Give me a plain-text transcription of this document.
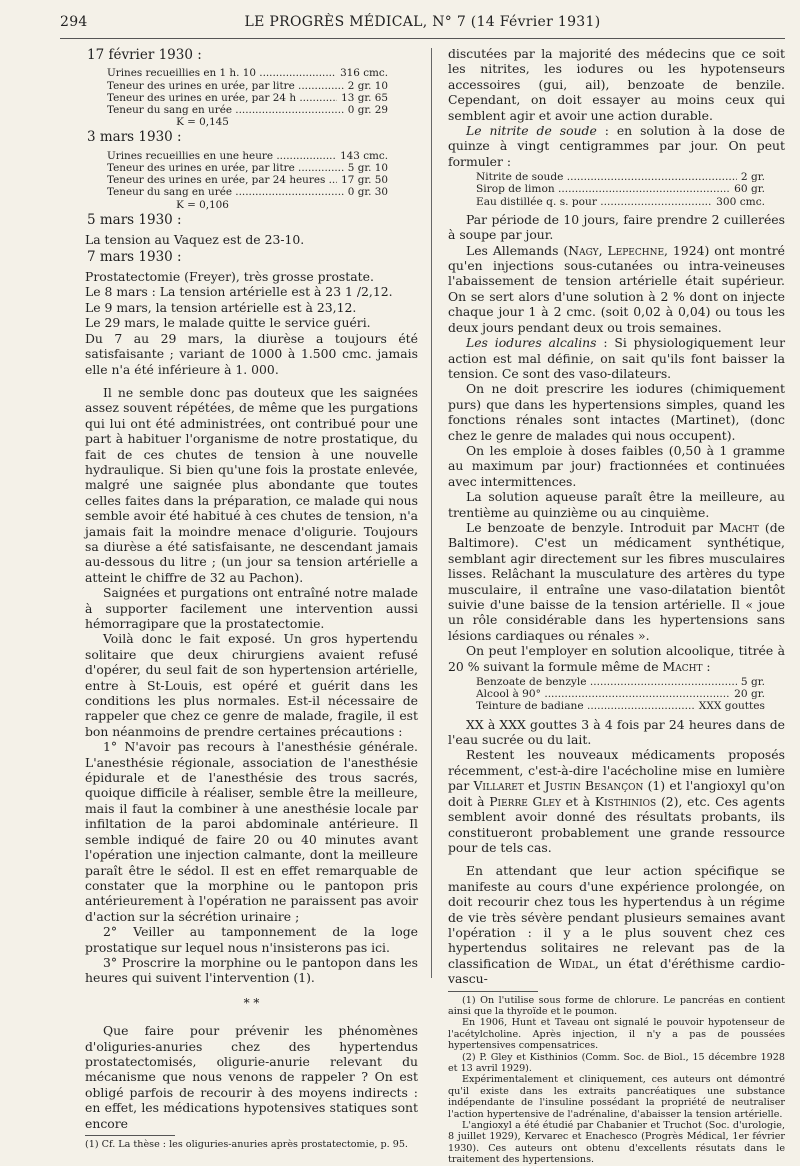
294	LE PROGRÈS MÉDICAL, N° 7 (14 Février 1931)

17 février 1930 :

Urines recueillies en 1 h. 10 .....	316 cmc.
Teneur des urines en urée, par litre .....	2 gr. 10
Teneur des urines en urée, par 24 h .....	13 gr. 65
Teneur du sang en urée .....	0 gr. 29
K = 0,145

3 mars 1930 :

Urines recueillies en une heure .....	143 cmc.
Teneur des urines en urée, par litre .....	5 gr. 10
Teneur des urines en urée, par 24 heures .....	17 gr. 50
Teneur du sang en urée .....	0 gr. 30
K = 0,106

5 mars 1930 :

La tension au Vaquez est de 23-10.

7 mars 1930 :

Prostatectomie (Freyer), très grosse prostate.

Le 8 mars : La tension artérielle est à 23 1 /2,12.

Le 9 mars, la tension artérielle est à 23,12.

Le 29 mars, le malade quitte le service guéri.

Du 7 au 29 mars, la diurèse a toujours été satisfaisante ; variant de 1000 à 1.500 cmc. jamais elle n'a été inférieure à 1. 000.

Il ne semble donc pas douteux que les saignées assez souvent répétées, de même que les purgations qui lui ont été administrées, ont contribué pour une part à habituer l'organisme de notre prostatique, du fait de ces chutes de tension à une nouvelle hydraulique. Si bien qu'une fois la prostate enlevée, malgré une saignée plus abondante que toutes celles faites dans la préparation, ce malade qui nous semble avoir été habitué à ces chutes de tension, n'a jamais fait la moindre menace d'oligurie. Toujours sa diurèse a été satisfaisante, ne descendant jamais au-dessous du litre ; (un jour sa tension artérielle a atteint le chiffre de 32 au Pachon).

Saignées et purgations ont entraîné notre malade à supporter facilement une intervention aussi hémorragipare que la prostatectomie.

Voilà donc le fait exposé. Un gros hypertendu solitaire que deux chirurgiens avaient refusé d'opérer, du seul fait de son hypertension artérielle, entre à St-Louis, est opéré et guérit dans les conditions les plus normales. Est-il nécessaire de rappeler que chez ce genre de malade, fragile, il est bon néanmoins de prendre certaines précautions :

1° N'avoir pas recours à l'anesthésie générale. L'anesthésie régionale, association de l'anesthésie épidurale et de l'anesthésie des trous sacrés, quoique difficile à réaliser, semble être la meilleure, mais il faut la combiner à une anesthésie locale par infiltation de la paroi abdominale antérieure. Il semble indiqué de faire 20 ou 40 minutes avant l'opération une injection calmante, dont la meilleure paraît être le sédol. Il est en effet remarquable de constater que la morphine ou le pantopon pris antérieurement à l'opération ne paraissent pas avoir d'action sur la sécrétion urinaire ;

2° Veiller au tamponnement de la loge prostatique sur lequel nous n'insisterons pas ici.

3° Proscrire la morphine ou le pantopon dans les heures qui suivent l'intervention (1).

* *

Que faire pour prévenir les phénomènes d'oliguries-anuries chez des hypertendus prostatectomisés, oligurie-anurie relevant du mécanisme que nous venons de rappeler ? On est obligé parfois de recourir à des moyens indirects : en effet, les médications hypotensives statiques sont encore

(1) Cf. La thèse : les oliguries-anuries après prostatectomie, p. 95.

discutées par la majorité des médecins que ce soit les nitrites, les iodures ou les hypotenseurs accessoires (gui, ail), benzoate de benzile. Cependant, on doit essayer au moins ceux qui semblent agir et avoir une action durable.

Le nitrite de soude : en solution à la dose de quinze à vingt centigrammes par jour. On peut formuler :

Nitrite de soude .....	2 gr.
Sirop de limon .....	60 gr.
Eau distillée q. s. pour .....	300 cmc.

Par période de 10 jours, faire prendre 2 cuillerées à soupe par jour.

Les Allemands (Nagy, Lepechne, 1924) ont montré qu'en injections sous-cutanées ou intra-veineuses l'abaissement de tension artérielle était supérieur. On se sert alors d'une solution à 2 % dont on injecte chaque jour 1 à 2 cmc. (soit 0,02 à 0,04) ou tous les deux jours pendant deux ou trois semaines.

Les iodures alcalins : Si physiologiquement leur action est mal définie, on sait qu'ils font baisser la tension. Ce sont des vaso-dilateurs.

On ne doit prescrire les iodures (chimiquement purs) que dans les hypertensions simples, quand les fonctions rénales sont intactes (Martinet), (donc chez le genre de malades qui nous occupent).

On les emploie à doses faibles (0,50 à 1 gramme au maximum par jour) fractionnées et continuées avec intermittences.

La solution aqueuse paraît être la meilleure, au trentième au quinzième ou au cinquième.

Le benzoate de benzyle. Introduit par Macht (de Baltimore). C'est un médicament synthétique, semblant agir directement sur les fibres musculaires lisses. Relâchant la musculature des artères du type musculaire, il entraîne une vaso-dilatation bientôt suivie d'une baisse de la tension artérielle. Il « joue un rôle considérable dans les hypertensions sans lésions cardiaques ou rénales ».

On peut l'employer en solution alcoolique, titrée à 20 % suivant la formule même de Macht :

Benzoate de benzyle .....	5 gr.
Alcool à 90° .....	20 gr.
Teinture de badiane .....	XXX gouttes

XX à XXX gouttes 3 à 4 fois par 24 heures dans de l'eau sucrée ou du lait.

Restent les nouveaux médicaments proposés récemment, c'est-à-dire l'acécholine mise en lumière par Villaret et Justin Besançon (1) et l'angioxyl qu'on doit à Pierre Gley et à Kisthinios (2), etc. Ces agents semblent avoir donné des résultats probants, ils constitueront probablement une grande ressource pour de tels cas.

En attendant que leur action spécifique se manifeste au cours d'une expérience prolongée, on doit recourir chez tous les hypertendus à un régime de vie très sévère pendant plusieurs semaines avant l'opération : il y a le plus souvent chez ces hypertendus solitaires ne relevant pas de la classification de Widal, un état d'éréthisme cardio-vascu-

(1) On l'utilise sous forme de chlorure. Le pancréas en contient ainsi que la thyroïde et le poumon.

En 1906, Hunt et Taveau ont signalé le pouvoir hypotenseur de l'acétylcholine. Après injection, il n'y a pas de poussées hypertensives compensatrices.

(2) P. Gley et Kisthinios (Comm. Soc. de Biol., 15 décembre 1928 et 13 avril 1929).

Expérimentalement et cliniquement, ces auteurs ont démontré qu'il existe dans les extraits pancréatiques une substance indépendante de l'insuline possédant la propriété de neutraliser l'action hypertensive de l'adrénaline, d'abaisser la tension artérielle.

L'angioxyl a été étudié par Chabanier et Truchot (Soc. d'urologie, 8 juillet 1929), Kervarec et Enachesco (Progrès Médical, 1er février 1930). Ces auteurs ont obtenu d'excellents résutats dans le traitement des hypertensions.
